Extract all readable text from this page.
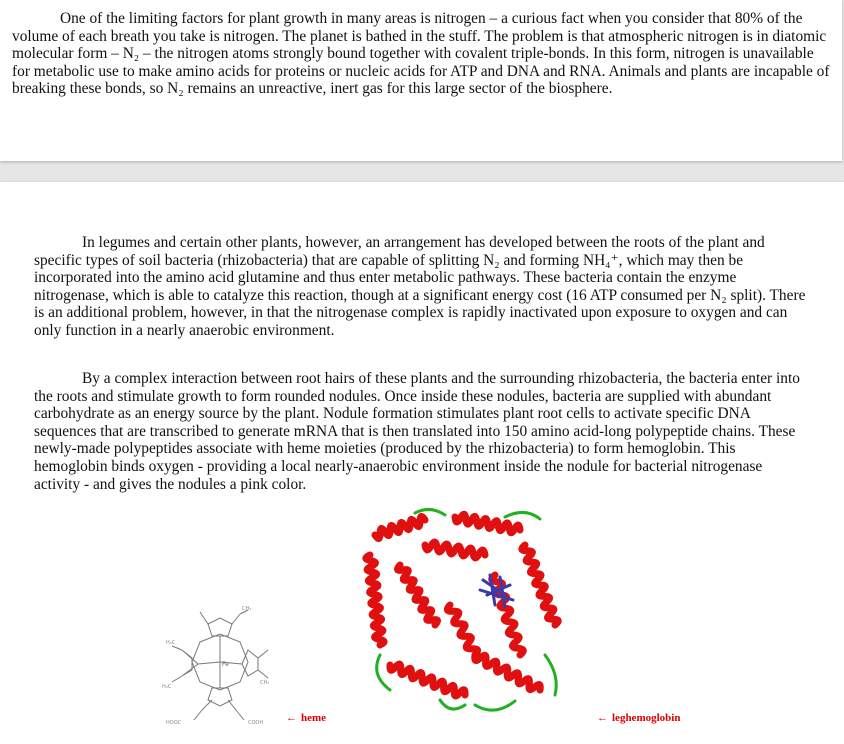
One of the limiting factors for plant growth in many areas is nitrogen – a curious fact when you consider that 80% of the volume of each breath you take is nitrogen. The planet is bathed in the stuff. The problem is that atmospheric nitrogen is in diatomic molecular form – N₂ – the nitrogen atoms strongly bound together with covalent triple-bonds. In this form, nitrogen is unavailable for metabolic use to make amino acids for proteins or nucleic acids for ATP and DNA and RNA. Animals and plants are incapable of breaking these bonds, so N₂ remains an unreactive, inert gas for this large sector of the biosphere.

In legumes and certain other plants, however, an arrangement has developed between the roots of the plant and specific types of soil bacteria (rhizobacteria) that are capable of splitting N₂ and forming NH₄⁺, which may then be incorporated into the amino acid glutamine and thus enter metabolic pathways. These bacteria contain the enzyme nitrogenase, which is able to catalyze this reaction, though at a significant energy cost (16 ATP consumed per N₂ split). There is an additional problem, however, in that the nitrogenase complex is rapidly inactivated upon exposure to oxygen and can only function in a nearly anaerobic environment.

By a complex interaction between root hairs of these plants and the surrounding rhizobacteria, the bacteria enter into the roots and stimulate growth to form rounded nodules. Once inside these nodules, bacteria are supplied with abundant carbohydrate as an energy source by the plant. Nodule formation stimulates plant root cells to activate specific DNA sequences that are transcribed to generate mRNA that is then translated into 150 amino acid-long polypeptide chains. These newly-made polypeptides associate with heme moieties (produced by the rhizobacteria) to form hemoglobin. This hemoglobin binds oxygen - providing a local nearly-anaerobic environment inside the nodule for bacterial nitrogenase activity - and gives the nodules a pink color.

Fe
H₃C
CH₃
H₃C
CH₃
HOOC	COOH ← heme	← leghemoglobin
